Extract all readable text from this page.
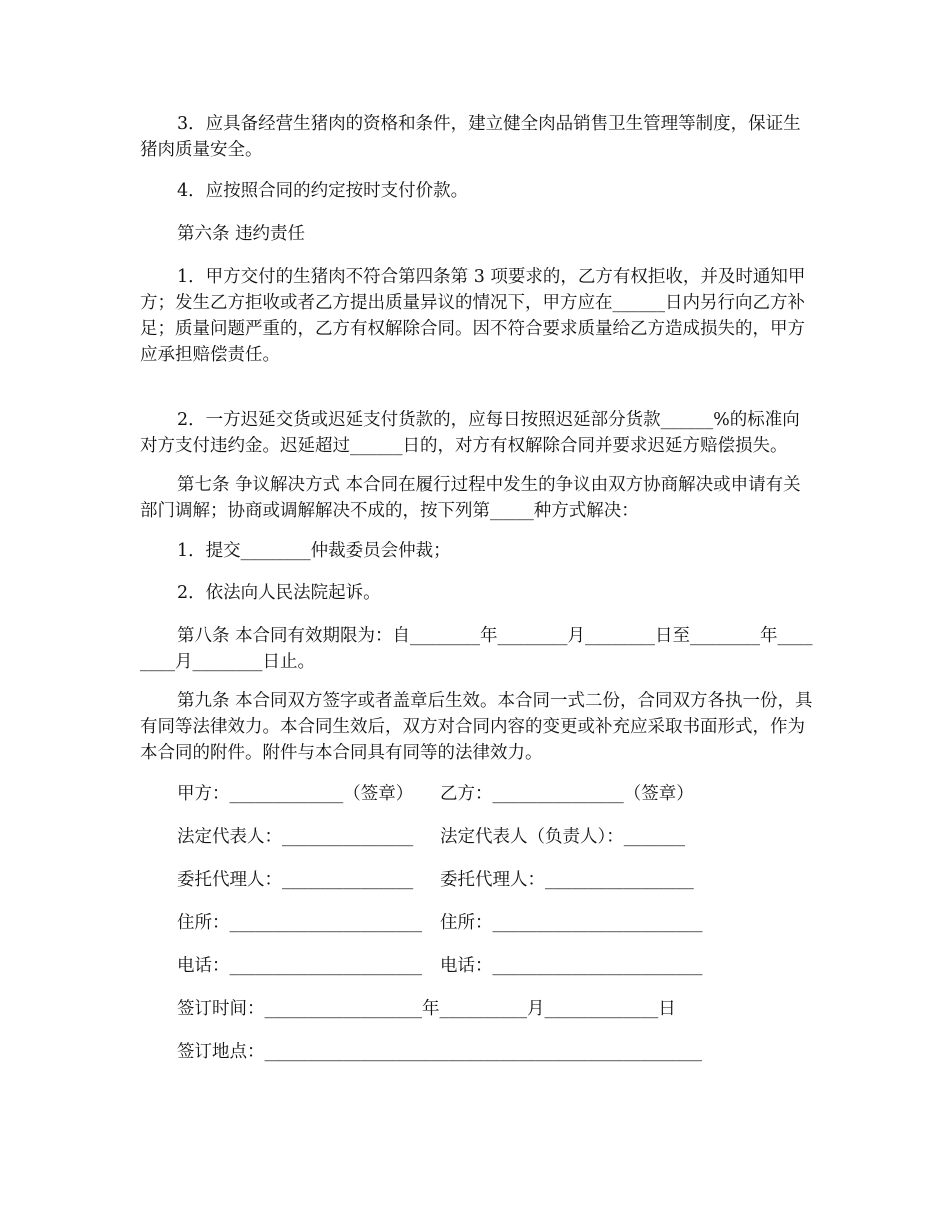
3．应具备经营生猪肉的资格和条件，建立健全肉品销售卫生管理等制度，保证生猪肉质量安全。

4．应按照合同的约定按时支付价款。

第六条 违约责任

1．甲方交付的生猪肉不符合第四条第 3 项要求的，乙方有权拒收，并及时通知甲方；发生乙方拒收或者乙方提出质量异议的情况下，甲方应在______日内另行向乙方补足；质量问题严重的，乙方有权解除合同。因不符合要求质量给乙方造成损失的，甲方应承担赔偿责任。

2．一方迟延交货或迟延支付货款的，应每日按照迟延部分货款______%的标准向对方支付违约金。迟延超过______日的，对方有权解除合同并要求迟延方赔偿损失。

第七条 争议解决方式 本合同在履行过程中发生的争议由双方协商解决或申请有关部门调解；协商或调解解决不成的，按下列第_____种方式解决：

1．提交________仲裁委员会仲裁；

2．依法向人民法院起诉。

第八条 本合同有效期限为：自________年________月________日至________年________月________日止。

第九条 本合同双方签字或者盖章后生效。本合同一式二份，合同双方各执一份，具有同等法律效力。本合同生效后，双方对合同内容的变更或补充应采取书面形式，作为本合同的附件。附件与本合同具有同等的法律效力。

甲方：_____________（签章） 乙方：_______________（签章）

法定代表人：_______________ 法定代表人（负责人）：_______

委托代理人：_______________ 委托代理人：_________________

住所：______________________ 住所：________________________

电话：______________________ 电话：________________________

签订时间：__________________年__________月_____________日

签订地点：__________________________________________________
